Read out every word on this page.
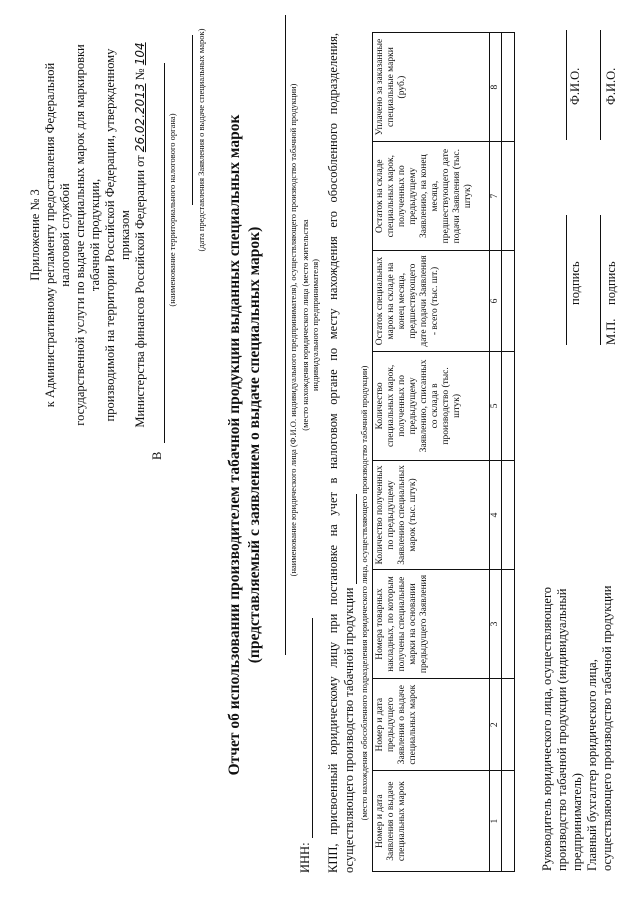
Приложение № 3 к Административному регламенту предоставления Федеральной налоговой службой государственной услуги по выдаче специальных марок для маркировки табачной продукции, производимой на территории Российской Федерации, утвержденному приказом Министерства финансов Российской Федерации от 26.02.2013 № 104
В
(наименование территориального налогового органа) (дата представления Заявления о выдаче специальных марок) Отчет об использовании производителем табачной продукции выданных специальных марок (представляемый с заявлением о выдаче специальных марок)	(наименование юридического лица (Ф.И.О. индивидуального предпринимателя), осуществляющего производство табачной продукции)
ИНН:
(место нахождения юридического лица (место жительства индивидуального предпринимателя) КПП, присвоенный юридическому лицу при постановке на учет в налоговом органе по месту нахождения его обособленного подразделения, осуществляющего производство табачной продукции (место нахождения обособленного подразделения юридического лица, осуществляющего производство табачной продукции)
Номер и дата Заявления о выдаче специальных марок	Номер и дата предыдущего Заявления о выдаче специальных марок	Номера товарных накладных, по которым получены специальные марки на основании предыдущего Заявления	Количество полученных по предыдущему Заявлению специальных марок (тыс. штук)	Количество специальных марок, полученных по предыдущему Заявлению, списанных со склада в производство (тыс. штук)	Остаток специальных марок на складе на конец месяца, предшествующего дате подачи Заявления - всего (тыс. шт.)	Остаток на складе специальных марок, полученных по предыдущему Заявлению, на конец месяца, предшествующего дате подачи Заявления (тыс. штук)	Уплачено за заказанные специальные марки (руб.)
1	2	3	4	5	6	7	8

Руководитель юридического лица, осуществляющего производство табачной продукции (индивидуальный предприниматель)
подпись
Ф.И.О.
Главный бухгалтер юридического лица, осуществляющего производство табачной продукции
М.П.
подпись
Ф.И.О.
